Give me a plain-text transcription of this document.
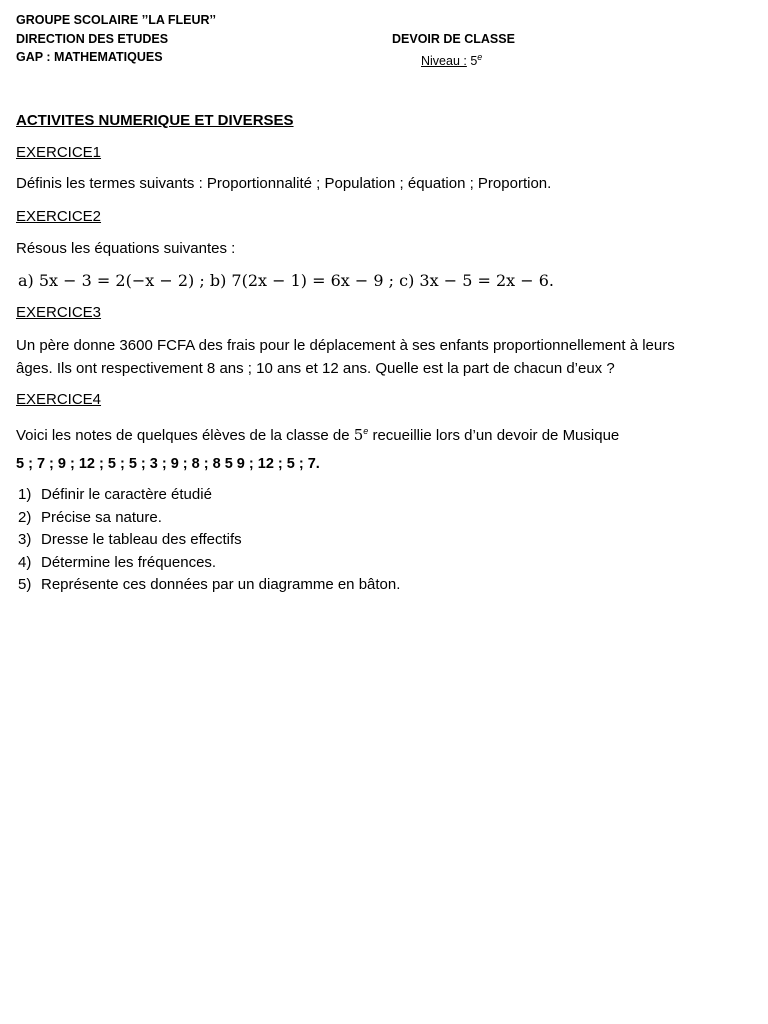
GROUPE SCOLAIRE ’’LA FLEUR’’
DIRECTION DES ETUDES
GAP : MATHEMATIQUES
DEVOIR DE CLASSE
Niveau : 5e
ACTIVITES NUMERIQUE ET DIVERSES
EXERCICE1
Définis les termes suivants : Proportionnalité ; Population ; équation ; Proportion.
EXERCICE2
Résous les équations suivantes :
a) 5x − 3 = 2(−x − 2) ; b) 7(2x − 1) = 6x − 9 ; c) 3x − 5 = 2x − 6.
EXERCICE3
Un père donne 3600 FCFA des frais pour le déplacement à ses enfants proportionnellement à leurs
âges. Ils ont respectivement 8 ans ; 10 ans et 12 ans. Quelle est la part de chacun d’eux ?
EXERCICE4
Voici les notes de quelques élèves de la classe de 5e recueillie lors d’un devoir de Musique
5 ; 7 ; 9 ; 12 ; 5 ; 5 ; 3 ; 9 ; 8 ; 8 5 9 ; 12 ; 5 ; 7.
1) Définir le caractère étudié
2) Précise sa nature.
3) Dresse le tableau des effectifs
4) Détermine les fréquences.
5) Représente ces données par un diagramme en bâton.
